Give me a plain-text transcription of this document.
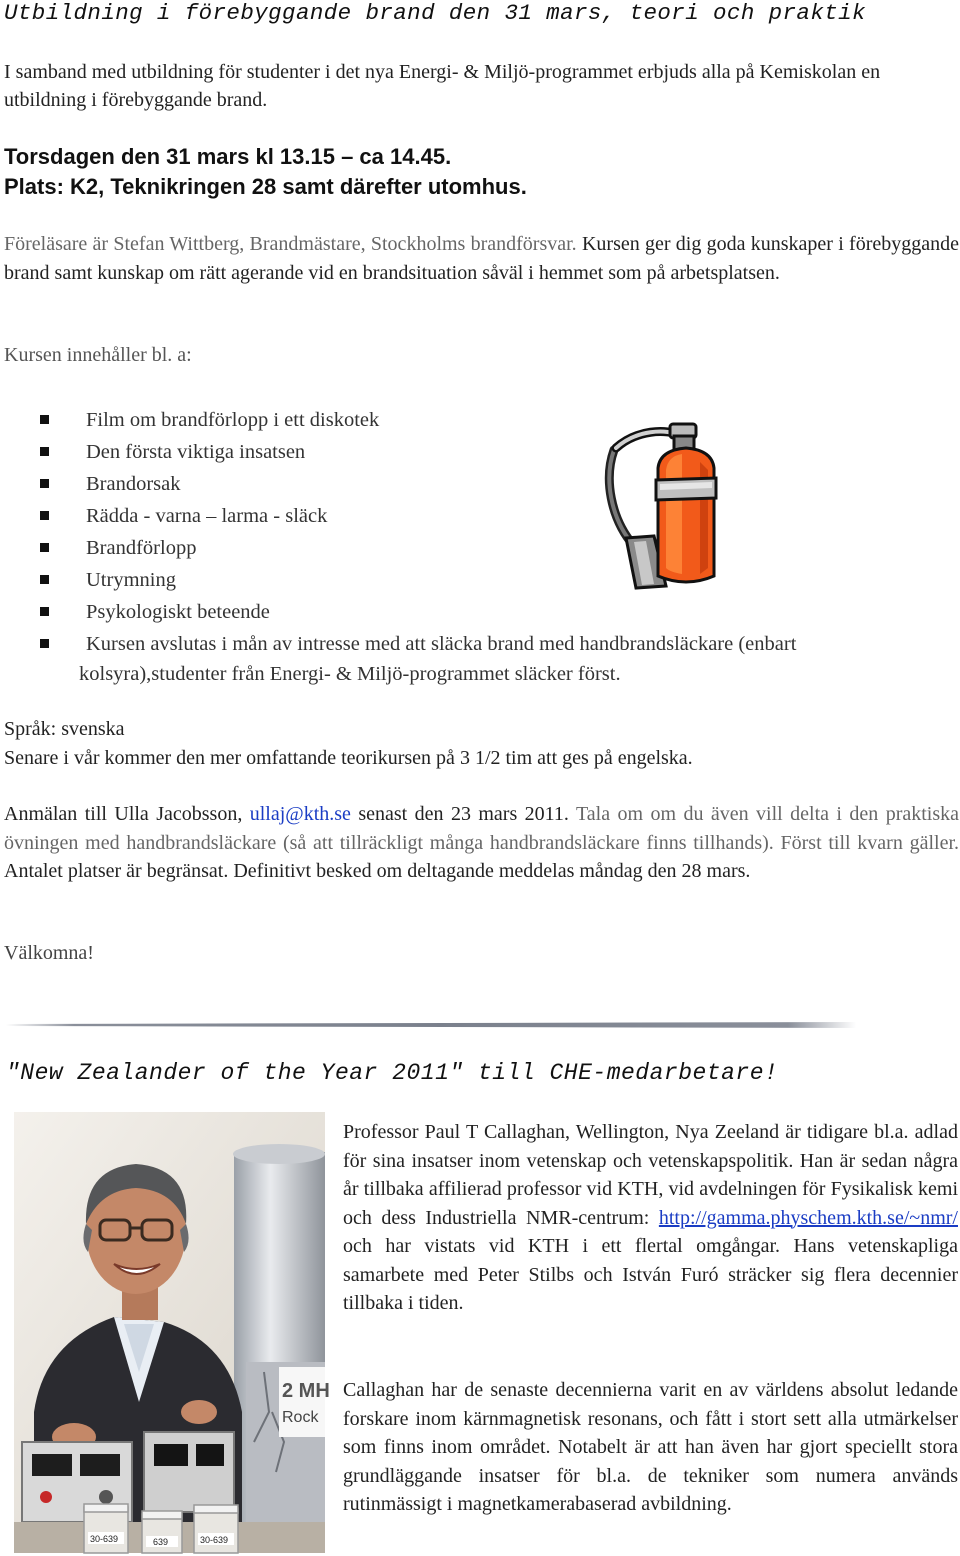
Utbildning i förebyggande brand den 31 mars, teori och praktik
I samband med utbildning för studenter i det nya Energi- & Miljö-programmet erbjuds alla på Kemiskolan en utbildning i förebyggande brand.
Torsdagen den 31 mars kl 13.15 – ca 14.45.
Plats: K2, Teknikringen 28 samt därefter utomhus.
Föreläsare är Stefan Wittberg, Brandmästare, Stockholms brandförsvar. Kursen ger dig goda kunskaper i förebyggande brand samt kunskap om rätt agerande vid en brandsituation såväl i hemmet som på arbetsplatsen.
Kursen innehåller bl. a:
Film om brandförlopp i ett diskotek
Den första viktiga insatsen
Brandorsak
Rädda - varna – larma - släck
Brandförlopp
Utrymning
Psykologiskt beteende
Kursen avslutas i mån av intresse med att släcka brand med handbrandsläckare (enbart
kolsyra),studenter från Energi- & Miljö-programmet släcker först.
Språk: svenska
Senare i vår kommer den mer omfattande teorikursen på 3 1/2 tim att ges på engelska.
Anmälan till Ulla Jacobsson, ullaj@kth.se senast den 23 mars 2011. Tala om om du även vill delta i den praktiska övningen med handbrandsläckare (så att tillräckligt många handbrandsläckare finns tillhands). Först till kvarn gäller. Antalet platser är begränsat. Definitivt besked om deltagande meddelas måndag den 28 mars.
Välkomna!
"New Zealander of the Year 2011" till CHE-medarbetare!
2 MH
Rock
30-639	639	30-639
Professor Paul T Callaghan, Wellington, Nya Zeeland är tidigare bl.a. adlad för sina insatser inom vetenskap och vetenskapspolitik. Han är sedan några år tillbaka affilierad professor vid KTH, vid avdelningen för Fysikalisk kemi och dess Industriella NMR-centrum: http://gamma.physchem.kth.se/~nmr/ och har vistats vid KTH i ett flertal omgångar. Hans vetenskapliga samarbete med Peter Stilbs och István Furó sträcker sig flera decennier tillbaka i tiden.
Callaghan har de senaste decennierna varit en av världens absolut ledande forskare inom kärnmagnetisk resonans, och fått i stort sett alla utmärkelser som finns inom området. Notabelt är att han även har gjort speciellt stora grundläggande insatser för bl.a. de tekniker som numera används rutinmässigt i magnetkamerabaserad avbildning.
